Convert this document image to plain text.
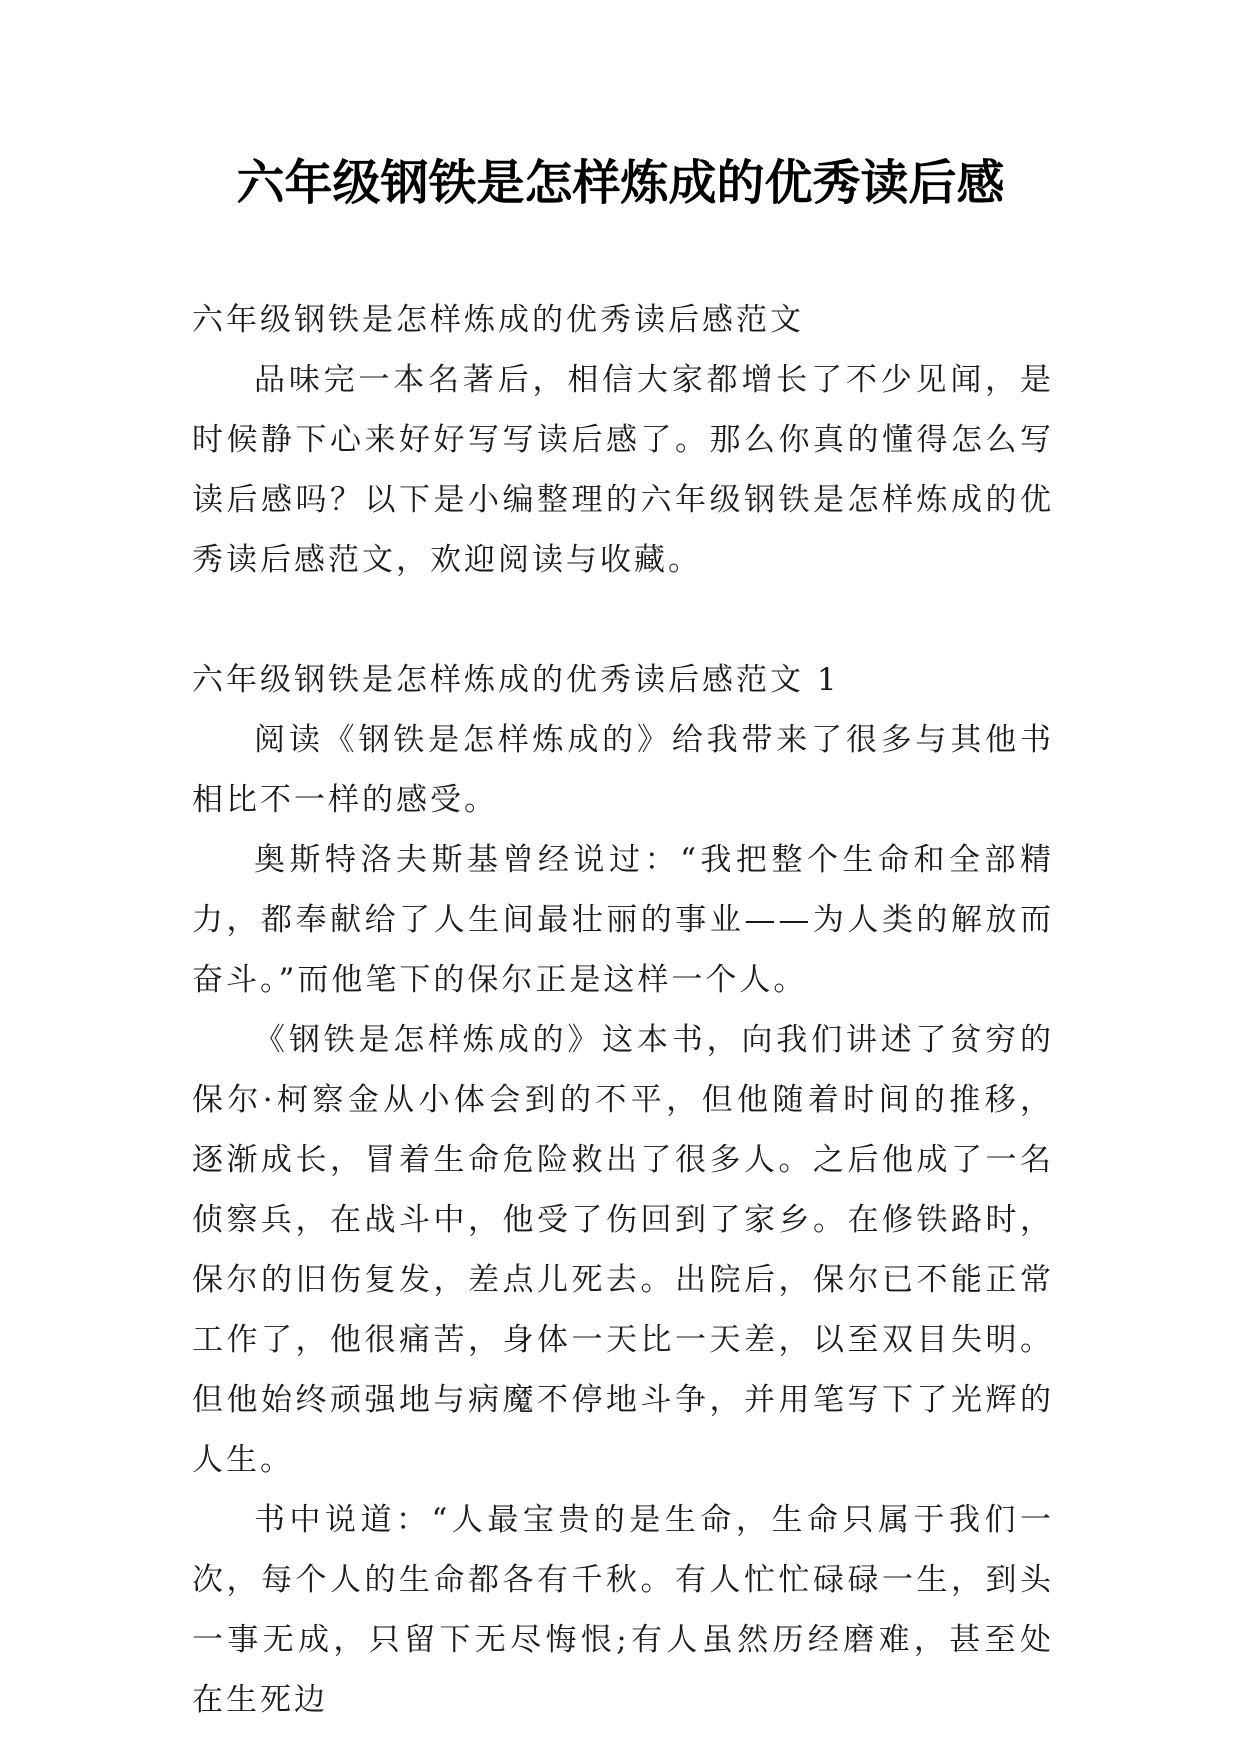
六年级钢铁是怎样炼成的优秀读后感

六年级钢铁是怎样炼成的优秀读后感范文

品味完一本名著后，相信大家都增长了不少见闻，是时候静下心来好好写写读后感了。那么你真的懂得怎么写读后感吗？以下是小编整理的六年级钢铁是怎样炼成的优秀读后感范文，欢迎阅读与收藏。

六年级钢铁是怎样炼成的优秀读后感范文 1

阅读《钢铁是怎样炼成的》给我带来了很多与其他书相比不一样的感受。

奥斯特洛夫斯基曾经说过：“我把整个生命和全部精力，都奉献给了人生间最壮丽的事业——为人类的解放而奋斗。”而他笔下的保尔正是这样一个人。

《钢铁是怎样炼成的》这本书，向我们讲述了贫穷的保尔·柯察金从小体会到的不平，但他随着时间的推移，逐渐成长，冒着生命危险救出了很多人。之后他成了一名侦察兵，在战斗中，他受了伤回到了家乡。在修铁路时，保尔的旧伤复发，差点儿死去。出院后，保尔已不能正常工作了，他很痛苦，身体一天比一天差，以至双目失明。但他始终顽强地与病魔不停地斗争，并用笔写下了光辉的人生。

书中说道：“人最宝贵的是生命，生命只属于我们一次，每个人的生命都各有千秋。有人忙忙碌碌一生，到头一事无成，只留下无尽悔恨;有人虽然历经磨难，甚至处在生死边
